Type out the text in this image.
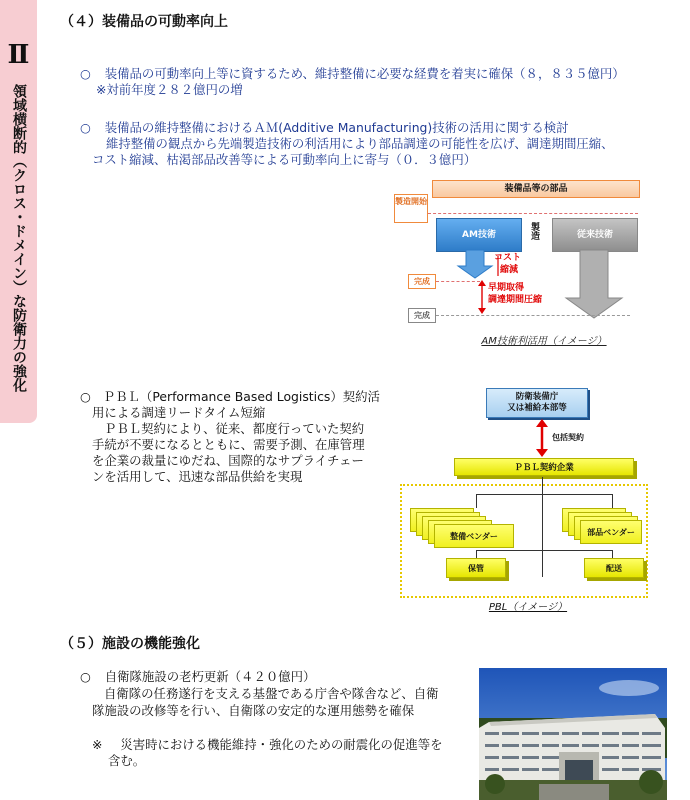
Ⅱ
領域横断的（クロス・ドメイン）な防衛力の強化
（４）装備品の可動率向上
○ 装備品の可動率向上等に資するため、維持整備に必要な経費を着実に確保（８，８３５億円）
※対前年度２８２億円の増
○ 装備品の維持整備におけるＡＭ(Additive Manufacturing)技術の活用に関する検討
維持整備の観点から先端製造技術の利活用により部品調達の可能性を広げ、調達期間圧縮、
コスト縮減、枯渇部品改善等による可動率向上に寄与（０．３億円）
装備品等の部品
製造開始
AM技術	製造	従来技術
コスト
縮減
早期取得
調達期間圧縮
完成
完成
AM技術利活用（イメージ）
○ ＰＢＬ（Performance Based Logistics）契約活
用による調達リードタイム短縮
ＰＢＬ契約により、従来、都度行っていた契約
手続が不要になるとともに、需要予測、在庫管理
を企業の裁量にゆだね、国際的なサプライチェー
ンを活用して、迅速な部品供給を実現
防衛装備庁
又は補給本部等
包括契約
ＰＢＬ契約企業
整備ベンダー	部品ベンダー
保管	配送
PBL（イメージ）
（５）施設の機能強化
○ 自衛隊施設の老朽更新（４２０億円）
自衛隊の任務遂行を支える基盤である庁舎や隊舎など、自衛
隊施設の改修等を行い、自衛隊の安定的な運用態勢を確保
※ 災害時における機能維持・強化のための耐震化の促進等を
含む。
